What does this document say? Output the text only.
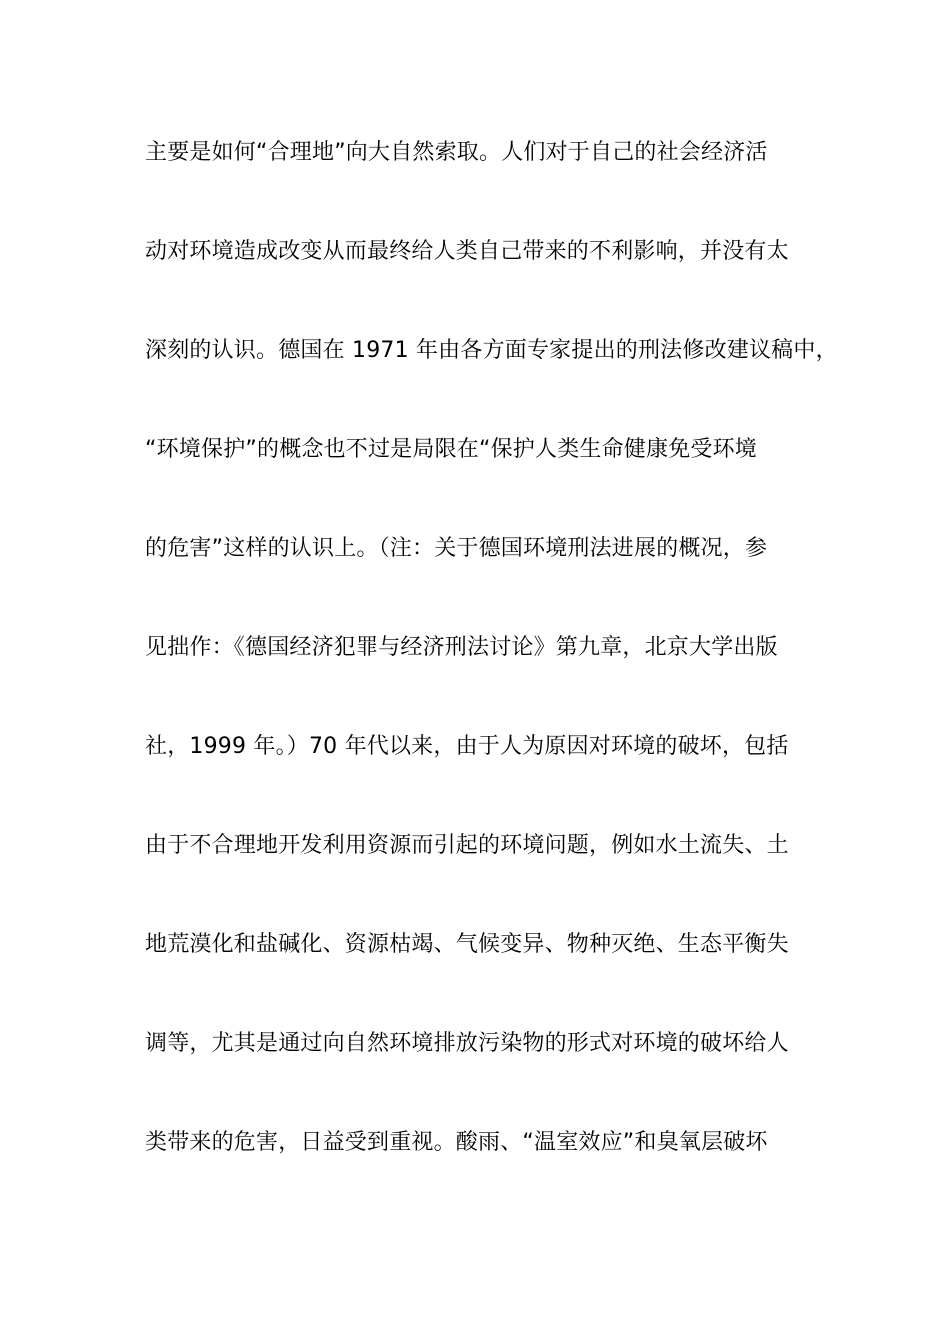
主要是如何“合理地”向大自然索取。人们对于自己的社会经济活
动对环境造成改变从而最终给人类自己带来的不利影响，并没有太
深刻的认识。德国在 1971 年由各方面专家提出的刑法修改建议稿中，
“环境保护”的概念也不过是局限在“保护人类生命健康免受环境
的危害”这样的认识上。（注：关于德国环境刑法进展的概况，参
见拙作：《德国经济犯罪与经济刑法讨论》第九章，北京大学出版
社，1999 年。）70 年代以来，由于人为原因对环境的破坏，包括
由于不合理地开发利用资源而引起的环境问题，例如水土流失、土
地荒漠化和盐碱化、资源枯竭、气候变异、物种灭绝、生态平衡失
调等，尤其是通过向自然环境排放污染物的形式对环境的破坏给人
类带来的危害，日益受到重视。酸雨、“温室效应”和臭氧层破坏
